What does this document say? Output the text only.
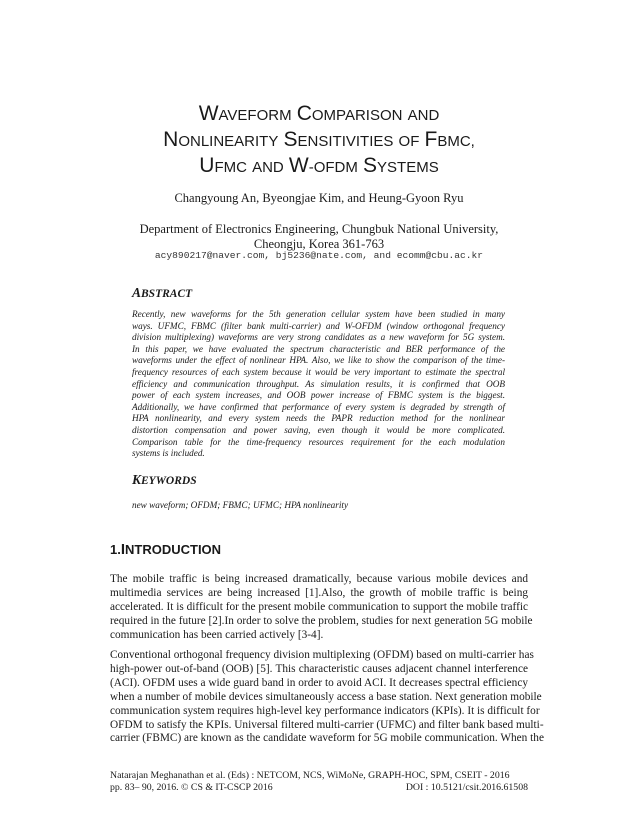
WAVEFORM COMPARISON AND
NONLINEARITY SENSITIVITIES OF FBMC,
UFMC AND W-OFDM SYSTEMS
Changyoung An, Byeongjae Kim, and Heung-Gyoon Ryu
Department of Electronics Engineering, Chungbuk National University,
Cheongju, Korea 361-763
acy890217@naver.com, bj5236@nate.com, and ecomm@cbu.ac.kr
ABSTRACT
Recently, new waveforms for the 5th generation cellular system have been studied in many
ways. UFMC, FBMC (filter bank multi-carrier) and W-OFDM (window orthogonal frequency
division multiplexing) waveforms are very strong candidates as a new waveform for 5G system.
In this paper, we have evaluated the spectrum characteristic and BER performance of the
waveforms under the effect of nonlinear HPA. Also, we like to show the comparison of the time-
frequency resources of each system because it would be very important to estimate the spectral
efficiency and communication throughput. As simulation results, it is confirmed that OOB
power of each system increases, and OOB power increase of FBMC system is the biggest.
Additionally, we have confirmed that performance of every system is degraded by strength of
HPA nonlinearity, and every system needs the PAPR reduction method for the nonlinear
distortion compensation and power saving, even though it would be more complicated.
Comparison table for the time-frequency resources requirement for the each modulation
systems is included.
KEYWORDS
new waveform; OFDM; FBMC; UFMC; HPA nonlinearity
1.INTRODUCTION
The mobile traffic is being increased dramatically, because various mobile devices and
multimedia services are being increased [1].Also, the growth of mobile traffic is being
accelerated. It is difficult for the present mobile communication to support the mobile traffic
required in the future [2].In order to solve the problem, studies for next generation 5G mobile
communication has been carried actively [3-4].
Conventional orthogonal frequency division multiplexing (OFDM) based on multi-carrier has
high-power out-of-band (OOB) [5]. This characteristic causes adjacent channel interference
(ACI). OFDM uses a wide guard band in order to avoid ACI. It decreases spectral efficiency
when a number of mobile devices simultaneously access a base station. Next generation mobile
communication system requires high-level key performance indicators (KPIs). It is difficult for
OFDM to satisfy the KPIs. Universal filtered multi-carrier (UFMC) and filter bank based multi-
carrier (FBMC) are known as the candidate waveform for 5G mobile communication. When the
Natarajan Meghanathan et al. (Eds) : NETCOM, NCS, WiMoNe, GRAPH-HOC, SPM, CSEIT - 2016
pp. 83– 90, 2016. © CS & IT-CSCP 2016	DOI : 10.5121/csit.2016.61508
